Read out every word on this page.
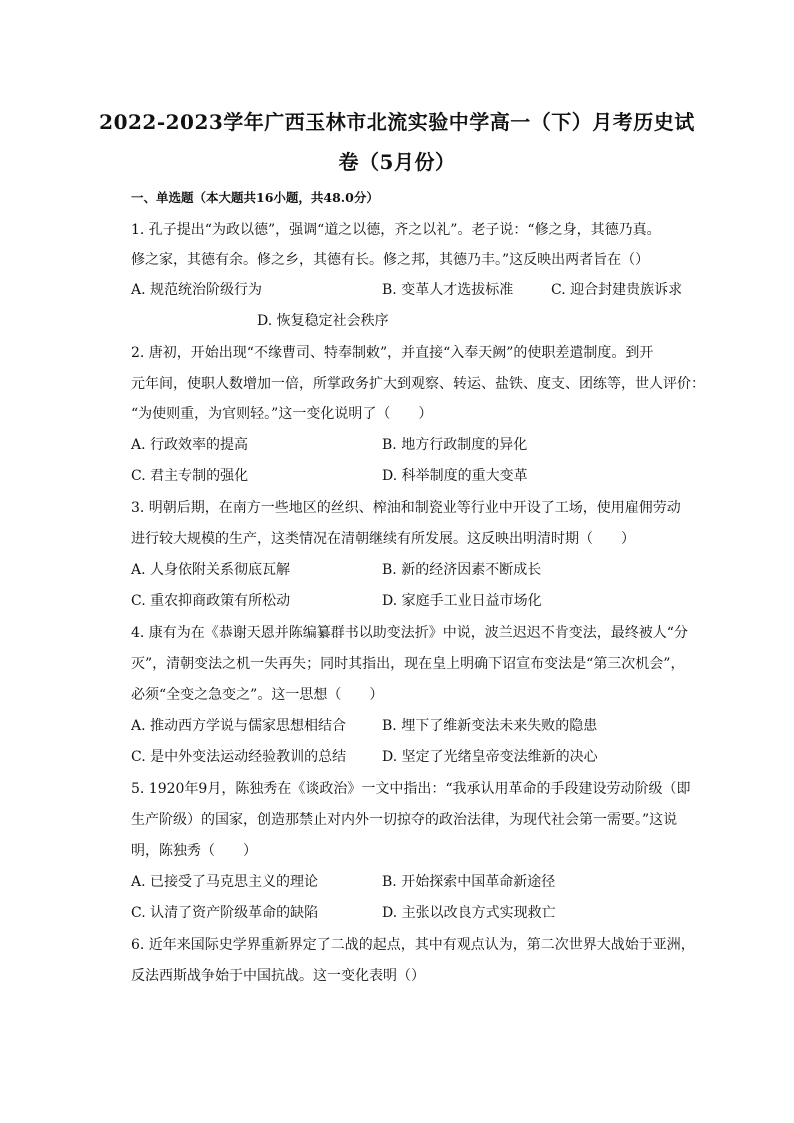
2022-2023学年广西玉林市北流实验中学高一（下）月考历史试
卷（5月份）
一、单选题（本大题共16小题，共48.0分）
1. 孔子提出“为政以德”，强调“道之以德，齐之以礼”。老子说：“修之身，其德乃真。
修之家，其德有余。修之乡，其德有长。修之邦，其德乃丰。”这反映出两者旨在（）
A. 规范统治阶级行为	B. 变革人才选拔标准	C. 迎合封建贵族诉求
D. 恢复稳定社会秩序
2. 唐初，开始出现“不缘曹司、特奉制敕”，并直接“入奉天阙”的使职差遣制度。到开
元年间，使职人数增加一倍，所掌政务扩大到观察、转运、盐铁、度支、团练等，世人评价：
“为使则重，为官则轻。”这一变化说明了（　　）
A. 行政效率的提高	B. 地方行政制度的异化
C. 君主专制的强化	D. 科举制度的重大变革
3. 明朝后期，在南方一些地区的丝织、榨油和制瓷业等行业中开设了工场，使用雇佣劳动
进行较大规模的生产，这类情况在清朝继续有所发展。这反映出明清时期（　　）
A. 人身依附关系彻底瓦解	B. 新的经济因素不断成长
C. 重农抑商政策有所松动	D. 家庭手工业日益市场化
4. 康有为在《恭谢天恩并陈编纂群书以助变法折》中说，波兰迟迟不肯变法，最终被人“分
灭”，清朝变法之机一失再失；同时其指出，现在皇上明确下诏宣布变法是“第三次机会”，
必须“全变之急变之”。这一思想（　　）
A. 推动西方学说与儒家思想相结合	B. 埋下了维新变法未来失败的隐患
C. 是中外变法运动经验教训的总结	D. 坚定了光绪皇帝变法维新的决心
5. 1920年9月，陈独秀在《谈政治》一文中指出：“我承认用革命的手段建设劳动阶级（即
生产阶级）的国家，创造那禁止对内外一切掠夺的政治法律，为现代社会第一需要。”这说
明，陈独秀（　　）
A. 已接受了马克思主义的理论	B. 开始探索中国革命新途径
C. 认清了资产阶级革命的缺陷	D. 主张以改良方式实现救亡
6. 近年来国际史学界重新界定了二战的起点，其中有观点认为，第二次世界大战始于亚洲，
反法西斯战争始于中国抗战。这一变化表明（）
